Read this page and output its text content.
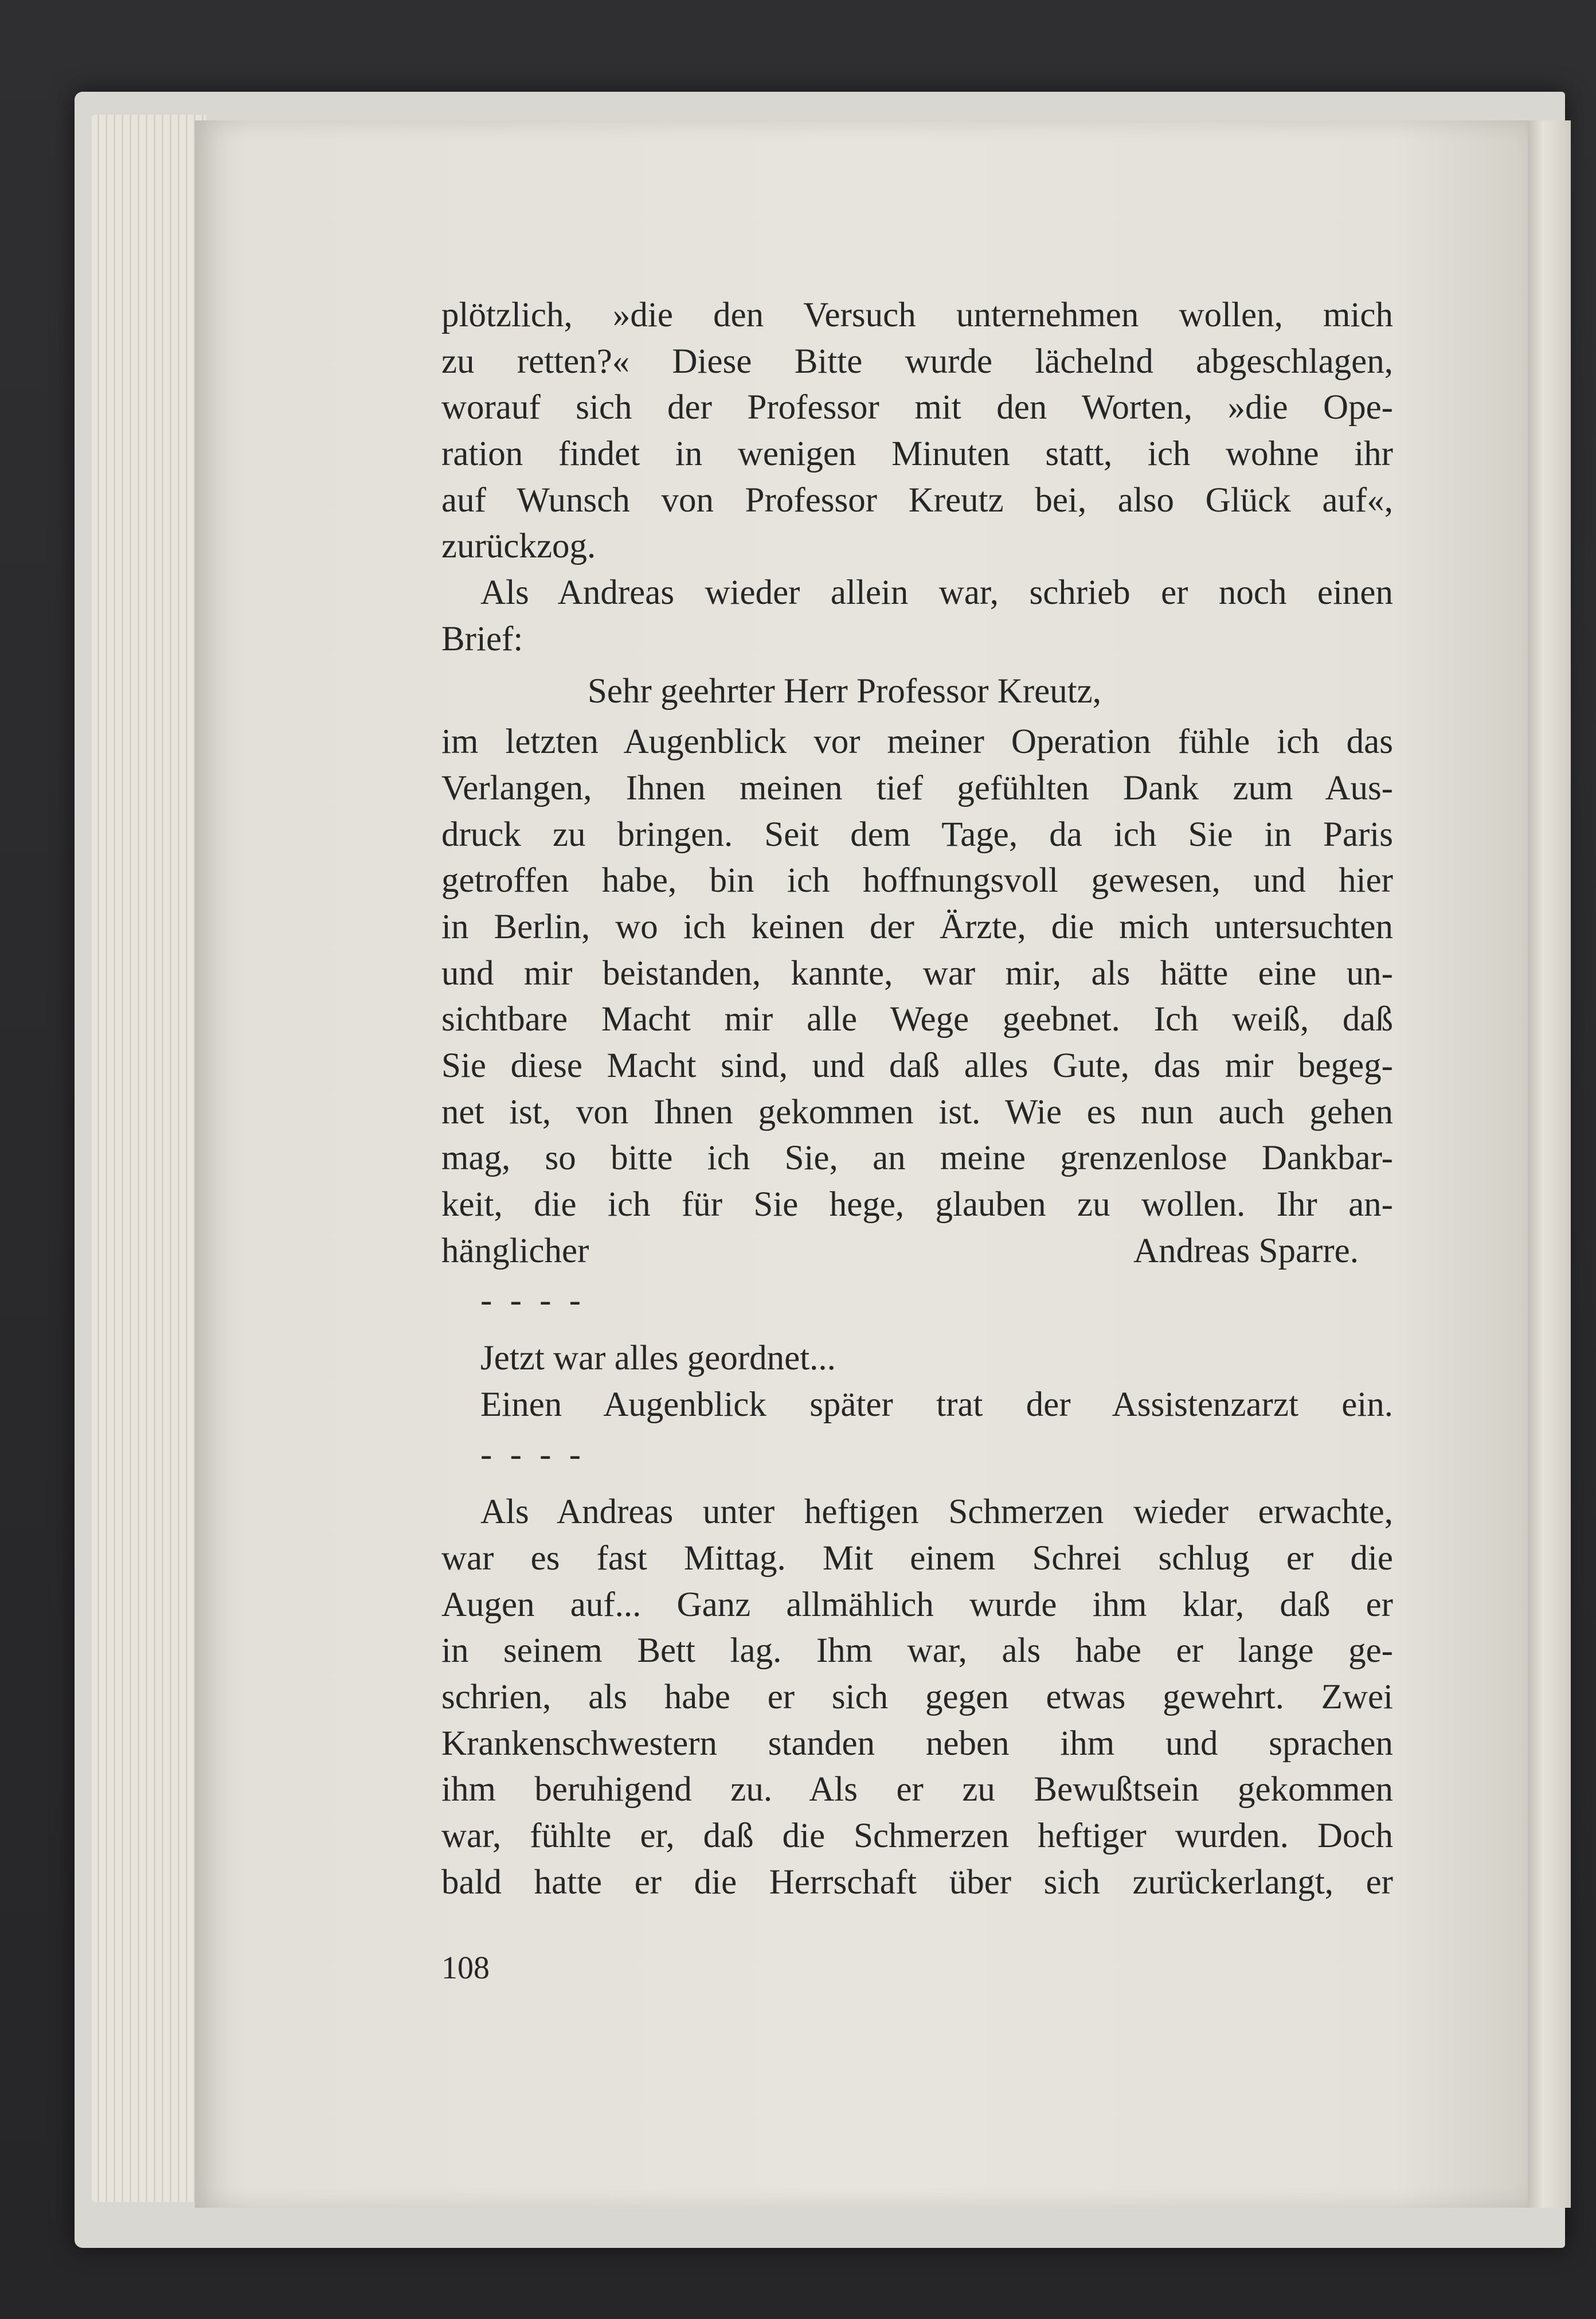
plötzlich, »die den Versuch unternehmen wollen, mich
zu retten?« Diese Bitte wurde lächelnd abgeschlagen,
worauf sich der Professor mit den Worten, »die Ope-
ration findet in wenigen Minuten statt, ich wohne ihr
auf Wunsch von Professor Kreutz bei, also Glück auf«,
zurückzog.
Als Andreas wieder allein war, schrieb er noch einen
Brief:
Sehr geehrter Herr Professor Kreutz,
im letzten Augenblick vor meiner Operation fühle ich das
Verlangen, Ihnen meinen tief gefühlten Dank zum Aus-
druck zu bringen. Seit dem Tage, da ich Sie in Paris
getroffen habe, bin ich hoffnungsvoll gewesen, und hier
in Berlin, wo ich keinen der Ärzte, die mich untersuchten
und mir beistanden, kannte, war mir, als hätte eine un-
sichtbare Macht mir alle Wege geebnet. Ich weiß, daß
Sie diese Macht sind, und daß alles Gute, das mir begeg-
net ist, von Ihnen gekommen ist. Wie es nun auch gehen
mag, so bitte ich Sie, an meine grenzenlose Dankbar-
keit, die ich für Sie hege, glauben zu wollen. Ihr an-
hänglicher	Andreas Sparre.
- - - -
Jetzt war alles geordnet...
Einen Augenblick später trat der Assistenzarzt ein.
- - - -
Als Andreas unter heftigen Schmerzen wieder erwachte,
war es fast Mittag. Mit einem Schrei schlug er die
Augen auf... Ganz allmählich wurde ihm klar, daß er
in seinem Bett lag. Ihm war, als habe er lange ge-
schrien, als habe er sich gegen etwas gewehrt. Zwei
Krankenschwestern standen neben ihm und sprachen
ihm beruhigend zu. Als er zu Bewußtsein gekommen
war, fühlte er, daß die Schmerzen heftiger wurden. Doch
bald hatte er die Herrschaft über sich zurückerlangt, er
108
